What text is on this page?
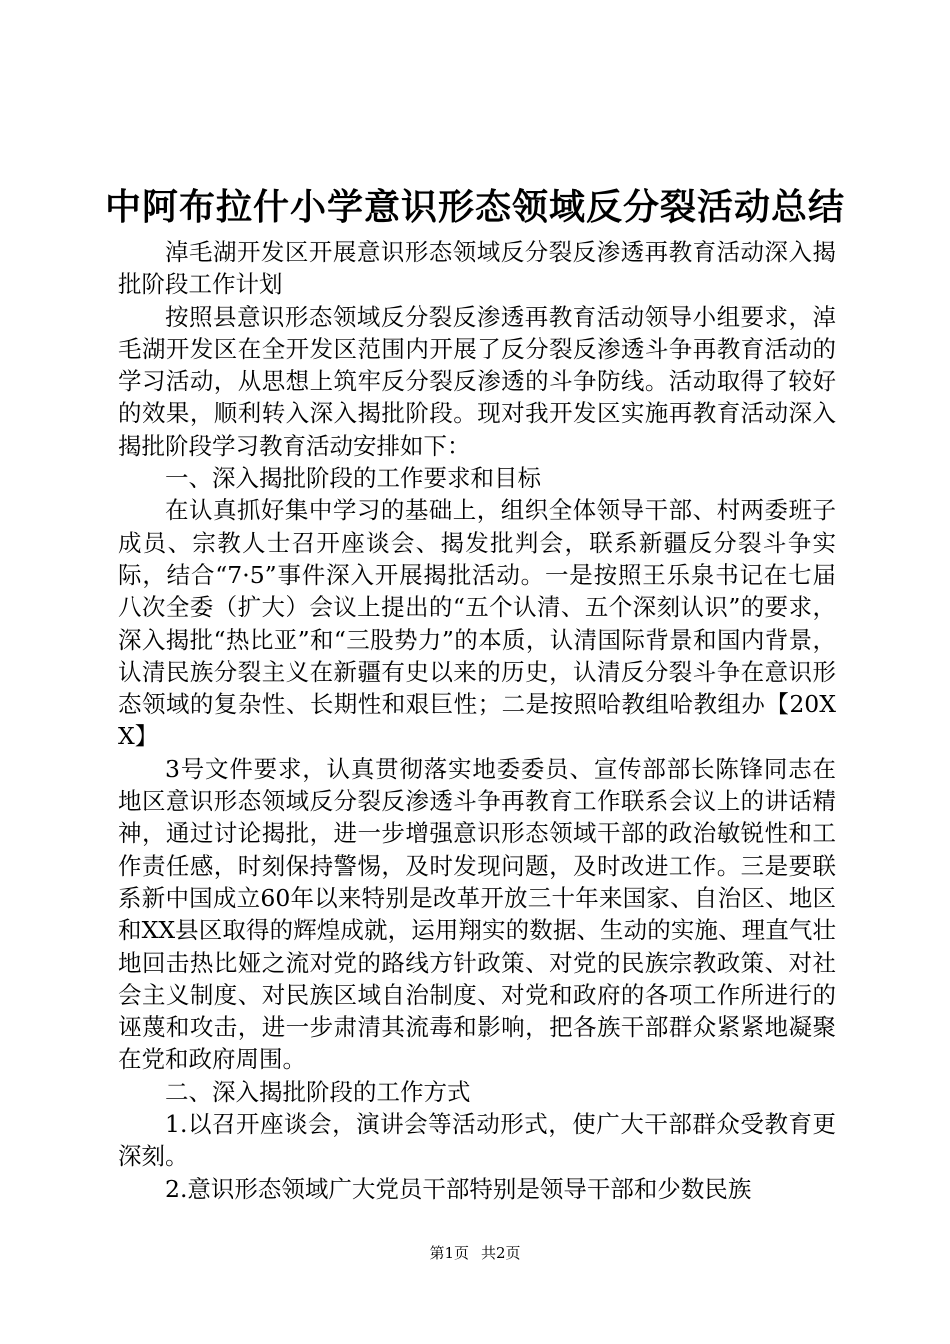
中阿布拉什小学意识形态领域反分裂活动总结

淖毛湖开发区开展意识形态领域反分裂反渗透再教育活动深入揭批阶段工作计划

按照县意识形态领域反分裂反渗透再教育活动领导小组要求，淖毛湖开发区在全开发区范围内开展了反分裂反渗透斗争再教育活动的学习活动，从思想上筑牢反分裂反渗透的斗争防线。活动取得了较好的效果，顺利转入深入揭批阶段。现对我开发区实施再教育活动深入揭批阶段学习教育活动安排如下：

一、深入揭批阶段的工作要求和目标

在认真抓好集中学习的基础上，组织全体领导干部、村两委班子成员、宗教人士召开座谈会、揭发批判会，联系新疆反分裂斗争实际，结合“7·5”事件深入开展揭批活动。一是按照王乐泉书记在七届八次全委（扩大）会议上提出的“五个认清、五个深刻认识”的要求，深入揭批“热比亚”和“三股势力”的本质，认清国际背景和国内背景，认清民族分裂主义在新疆有史以来的历史，认清反分裂斗争在意识形态领域的复杂性、长期性和艰巨性；二是按照哈教组哈教组办【20XX】

3号文件要求，认真贯彻落实地委委员、宣传部部长陈锋同志在地区意识形态领域反分裂反渗透斗争再教育工作联系会议上的讲话精神，通过讨论揭批，进一步增强意识形态领域干部的政治敏锐性和工作责任感，时刻保持警惕，及时发现问题，及时改进工作。三是要联系新中国成立60年以来特别是改革开放三十年来国家、自治区、地区和XX县区取得的辉煌成就，运用翔实的数据、生动的实施、理直气壮地回击热比娅之流对党的路线方针政策、对党的民族宗教政策、对社会主义制度、对民族区域自治制度、对党和政府的各项工作所进行的诬蔑和攻击，进一步肃清其流毒和影响，把各族干部群众紧紧地凝聚在党和政府周围。

二、深入揭批阶段的工作方式

1.以召开座谈会，演讲会等活动形式，使广大干部群众受教育更深刻。

2.意识形态领域广大党员干部特别是领导干部和少数民族

第1页 共2页
